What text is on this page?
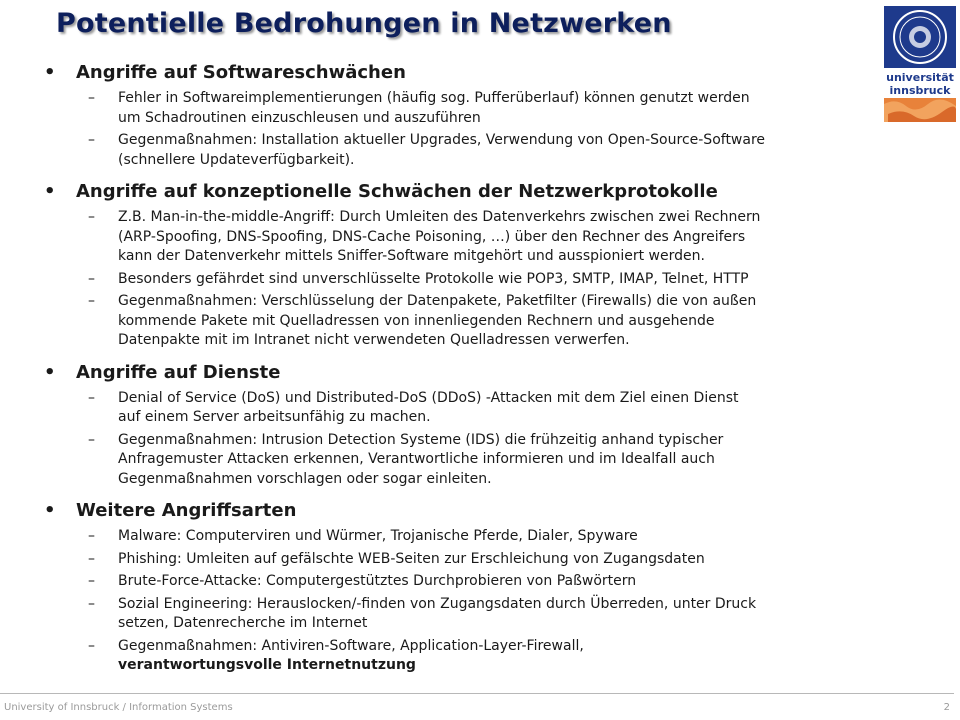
Potentielle Bedrohungen in Netzwerken
universität
innsbruck
•	Angriffe auf Softwareschwächen
– Fehler in Softwareimplementierungen (häufig sog. Pufferüberlauf) können genutzt werden
um Schadroutinen einzuschleusen und auszuführen
– Gegenmaßnahmen: Installation aktueller Upgrades, Verwendung von Open-Source-Software
(schnellere Updateverfügbarkeit).
•	Angriffe auf konzeptionelle Schwächen der Netzwerkprotokolle
– Z.B. Man-in-the-middle-Angriff: Durch Umleiten des Datenverkehrs zwischen zwei Rechnern
(ARP-Spoofing, DNS-Spoofing, DNS-Cache Poisoning, …) über den Rechner des Angreifers
kann der Datenverkehr mittels Sniffer-Software mitgehört und ausspioniert werden.
– Besonders gefährdet sind unverschlüsselte Protokolle wie POP3, SMTP, IMAP, Telnet, HTTP
– Gegenmaßnahmen: Verschlüsselung der Datenpakete, Paketfilter (Firewalls) die von außen
kommende Pakete mit Quelladressen von innenliegenden Rechnern und ausgehende
Datenpakte mit im Intranet nicht verwendeten Quelladressen verwerfen.
•	Angriffe auf Dienste
– Denial of Service (DoS) und Distributed-DoS (DDoS) -Attacken mit dem Ziel einen Dienst
auf einem Server arbeitsunfähig zu machen.
– Gegenmaßnahmen: Intrusion Detection Systeme (IDS) die frühzeitig anhand typischer
Anfragemuster Attacken erkennen, Verantwortliche informieren und im Idealfall auch
Gegenmaßnahmen vorschlagen oder sogar einleiten.
•	Weitere Angriffsarten
– Malware: Computerviren und Würmer, Trojanische Pferde, Dialer, Spyware
– Phishing: Umleiten auf gefälschte WEB-Seiten zur Erschleichung von Zugangsdaten
– Brute-Force-Attacke: Computergestütztes Durchprobieren von Paßwörtern
– Sozial Engineering: Herauslocken/-finden von Zugangsdaten durch Überreden, unter Druck
setzen, Datenrecherche im Internet
– Gegenmaßnahmen: Antiviren-Software, Application-Layer-Firewall,
verantwortungsvolle Internetnutzung
University of Innsbruck / Information Systems	2
